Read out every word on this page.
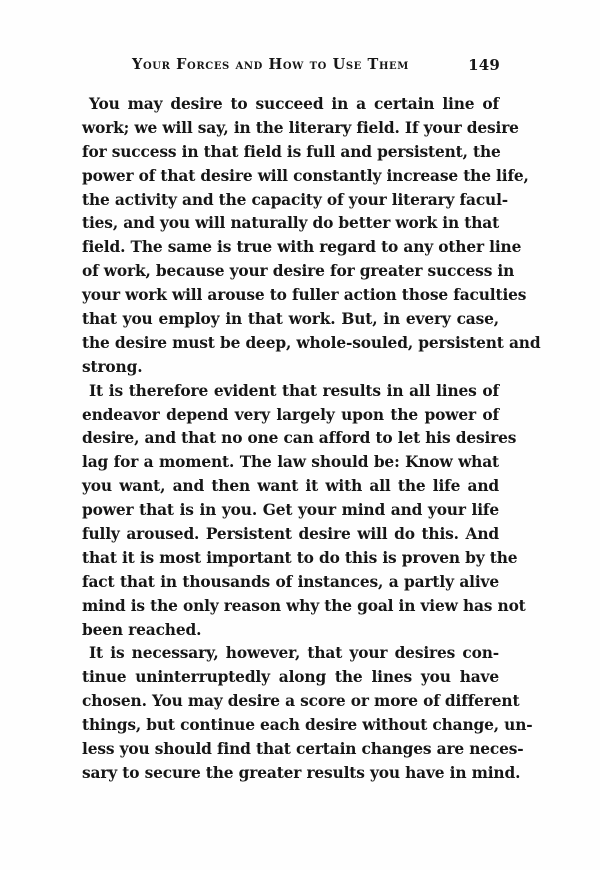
Your Forces and How to Use Them	149
You may desire to succeed in a certain line of
work; we will say, in the literary field. If your desire
for success in that field is full and persistent, the
power of that desire will constantly increase the life,
the activity and the capacity of your literary facul-
ties, and you will naturally do better work in that
field. The same is true with regard to any other line
of work, because your desire for greater success in
your work will arouse to fuller action those faculties
that you employ in that work. But, in every case,
the desire must be deep, whole-souled, persistent and
strong.
It is therefore evident that results in all lines of
endeavor depend very largely upon the power of
desire, and that no one can afford to let his desires
lag for a moment. The law should be: Know what
you want, and then want it with all the life and
power that is in you. Get your mind and your life
fully aroused. Persistent desire will do this. And
that it is most important to do this is proven by the
fact that in thousands of instances, a partly alive
mind is the only reason why the goal in view has not
been reached.
It is necessary, however, that your desires con-
tinue uninterruptedly along the lines you have
chosen. You may desire a score or more of different
things, but continue each desire without change, un-
less you should find that certain changes are neces-
sary to secure the greater results you have in mind.
